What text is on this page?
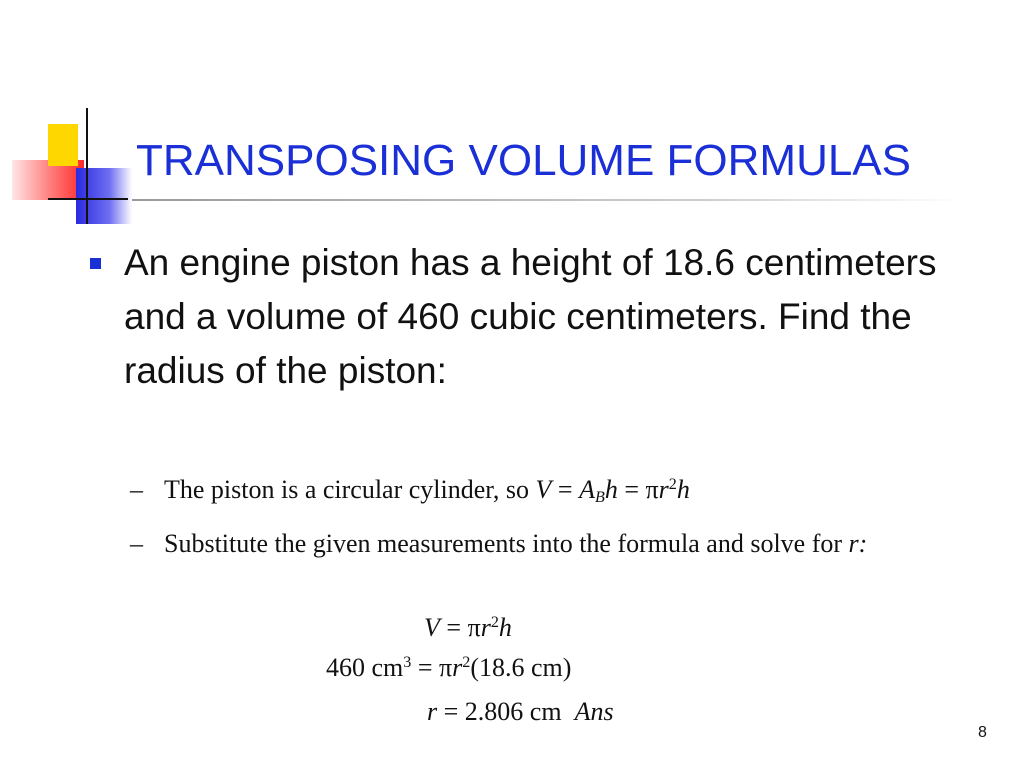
TRANSPOSING VOLUME FORMULAS

An engine piston has a height of 18.6 centimeters and a volume of 460 cubic centimeters. Find the radius of the piston:

– The piston is a circular cylinder, so $V = A_Bh = \pi r^2h$
– Substitute the given measurements into the formula and solve for r:
$V = \pi r^2h$
460 $cm^3 = \pi r^2(18.6$ cm)
r = 2.806 cm Ans
8
